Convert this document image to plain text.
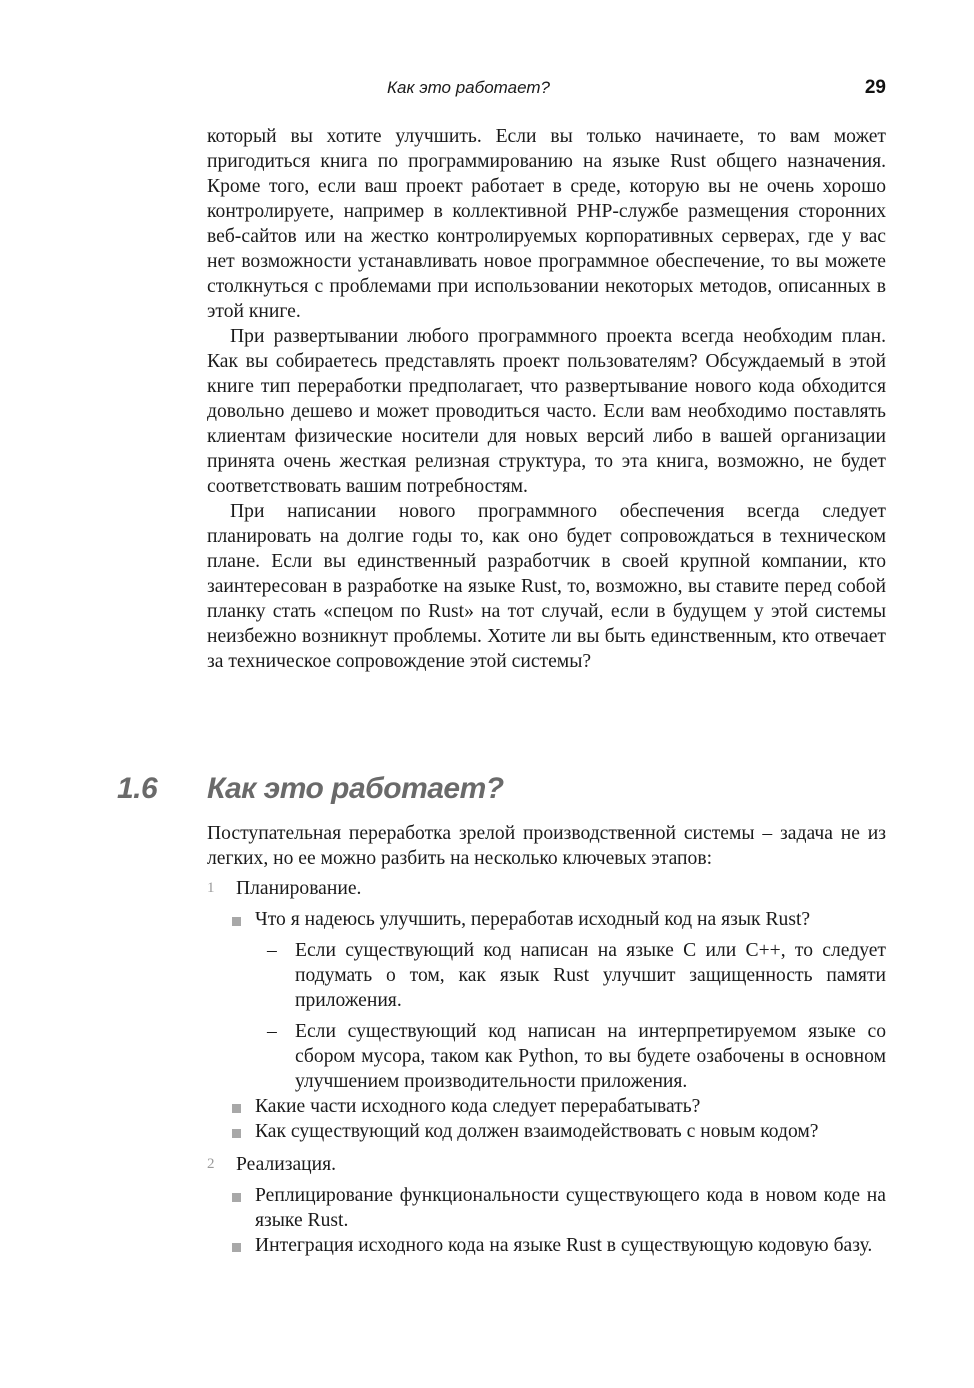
Как это работает?	29

который вы хотите улучшить. Если вы только начинаете, то вам может пригодиться книга по программированию на языке Rust общего назначения. Кроме того, если ваш проект работает в среде, которую вы не очень хорошо контролируете, например в коллективной PHP-службе размещения сторонних веб-сайтов или на жестко контролируемых корпоративных серверах, где у вас нет возможности устанавливать новое программное обеспечение, то вы можете столкнуться с проблемами при использовании некоторых методов, описанных в этой книге.

При развертывании любого программного проекта всегда необходим план. Как вы собираетесь представлять проект пользователям? Обсуждаемый в этой книге тип переработки предполагает, что развертывание нового кода обходится довольно дешево и может проводиться часто. Если вам необходимо поставлять клиентам физические носители для новых версий либо в вашей организации принята очень жесткая релизная структура, то эта книга, возможно, не будет соответствовать вашим потребностям.

При написании нового программного обеспечения всегда следует планировать на долгие годы то, как оно будет сопровождаться в техническом плане. Если вы единственный разработчик в своей крупной компании, кто заинтересован в разработке на языке Rust, то, возможно, вы ставите перед собой планку стать «спецом по Rust» на тот случай, если в будущем у этой системы неизбежно возникнут проблемы. Хотите ли вы быть единственным, кто отвечает за техническое сопровождение этой системы?

1.6 Как это работает?

Поступательная переработка зрелой производственной системы – задача не из легких, но ее можно разбить на несколько ключевых этапов:

1 Планирование.
Что я надеюсь улучшить, переработав исходный код на язык Rust?
– Если существующий код написан на языке C или C++, то следует подумать о том, как язык Rust улучшит защищенность памяти приложения.
– Если существующий код написан на интерпретируемом языке со сбором мусора, таком как Python, то вы будете озабочены в основном улучшением производительности приложения.
Какие части исходного кода следует перерабатывать?
Как существующий код должен взаимодействовать с новым кодом?
2 Реализация.
Реплицирование функциональности существующего кода в новом коде на языке Rust.
Интеграция исходного кода на языке Rust в существующую кодовую базу.
